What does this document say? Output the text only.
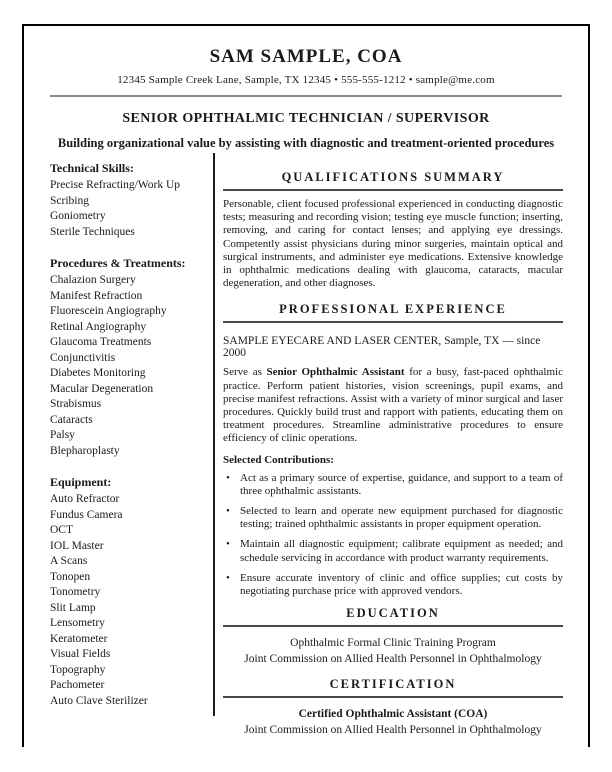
SAM SAMPLE, COA
12345 Sample Creek Lane, Sample, TX 12345 • 555-555-1212 • sample@me.com
SENIOR OPHTHALMIC TECHNICIAN / SUPERVISOR
Building organizational value by assisting with diagnostic and treatment-oriented procedures
Technical Skills:
Precise Refracting/Work Up
Scribing
Goniometry
Sterile Techniques
Procedures & Treatments:
Chalazion Surgery
Manifest Refraction
Fluorescein Angiography
Retinal Angiography
Glaucoma Treatments
Conjunctivitis
Diabetes Monitoring
Macular Degeneration
Strabismus
Cataracts
Palsy
Blepharoplasty
Equipment:
Auto Refractor
Fundus Camera
OCT
IOL Master
A Scans
Tonopen
Tonometry
Slit Lamp
Lensometry
Keratometer
Visual Fields
Topography
Pachometer
Auto Clave Sterilizer
QUALIFICATIONS SUMMARY

Personable, client focused professional experienced in conducting diagnostic tests; measuring and recording vision; testing eye muscle function; inserting, removing, and caring for contact lenses; and applying eye dressings. Competently assist physicians during minor surgeries, maintain optical and surgical instruments, and administer eye medications. Extensive knowledge in ophthalmic medications dealing with glaucoma, cataracts, macular degeneration, and other diagnoses.

PROFESSIONAL EXPERIENCE

SAMPLE EYECARE AND LASER CENTER, Sample, TX — since 2000

Serve as Senior Ophthalmic Assistant for a busy, fast-paced ophthalmic practice. Perform patient histories, vision screenings, pupil exams, and precise manifest refractions. Assist with a variety of minor surgical and laser procedures. Quickly build trust and rapport with patients, educating them on treatment procedures. Streamline administrative procedures to ensure efficiency of clinic operations.

Selected Contributions:

• Act as a primary source of expertise, guidance, and support to a team of three ophthalmic assistants.
• Selected to learn and operate new equipment purchased for diagnostic testing; trained ophthalmic assistants in proper equipment operation.
• Maintain all diagnostic equipment; calibrate equipment as needed; and schedule servicing in accordance with product warranty requirements.
• Ensure accurate inventory of clinic and office supplies; cut costs by negotiating purchase price with approved vendors.
EDUCATION
Ophthalmic Formal Clinic Training Program
Joint Commission on Allied Health Personnel in Ophthalmology
CERTIFICATION
Certified Ophthalmic Assistant (COA)
Joint Commission on Allied Health Personnel in Ophthalmology
